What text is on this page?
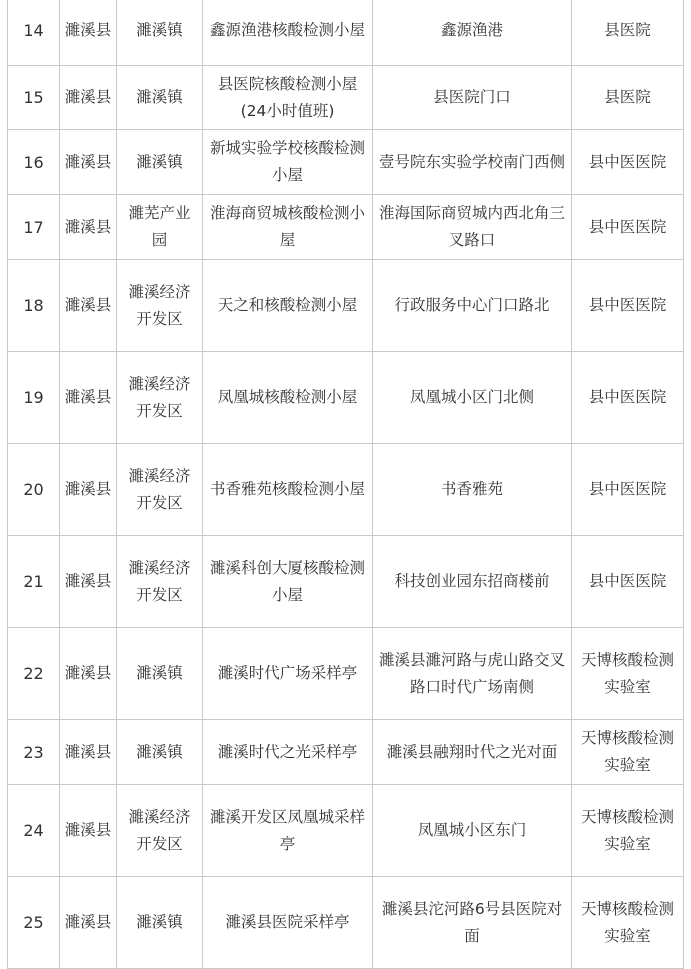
14	濉溪县	濉溪镇	鑫源渔港核酸检测小屋	鑫源渔港	县医院
15	濉溪县	濉溪镇	县医院核酸检测小屋(24小时值班)	县医院门口	县医院
16	濉溪县	濉溪镇	新城实验学校核酸检测小屋	壹号院东实验学校南门西侧	县中医医院
17	濉溪县	濉芜产业园	淮海商贸城核酸检测小屋	淮海国际商贸城内西北角三叉路口	县中医医院
18	濉溪县	濉溪经济开发区	天之和核酸检测小屋	行政服务中心门口路北	县中医医院
19	濉溪县	濉溪经济开发区	凤凰城核酸检测小屋	凤凰城小区门北侧	县中医医院
20	濉溪县	濉溪经济开发区	书香雅苑核酸检测小屋	书香雅苑	县中医医院
21	濉溪县	濉溪经济开发区	濉溪科创大厦核酸检测小屋	科技创业园东招商楼前	县中医医院
22	濉溪县	濉溪镇	濉溪时代广场采样亭	濉溪县濉河路与虎山路交叉路口时代广场南侧	天博核酸检测实验室
23	濉溪县	濉溪镇	濉溪时代之光采样亭	濉溪县融翔时代之光对面	天博核酸检测实验室
24	濉溪县	濉溪经济开发区	濉溪开发区凤凰城采样亭	凤凰城小区东门	天博核酸检测实验室
25	濉溪县	濉溪镇	濉溪县医院采样亭	濉溪县沱河路6号县医院对面	天博核酸检测实验室
